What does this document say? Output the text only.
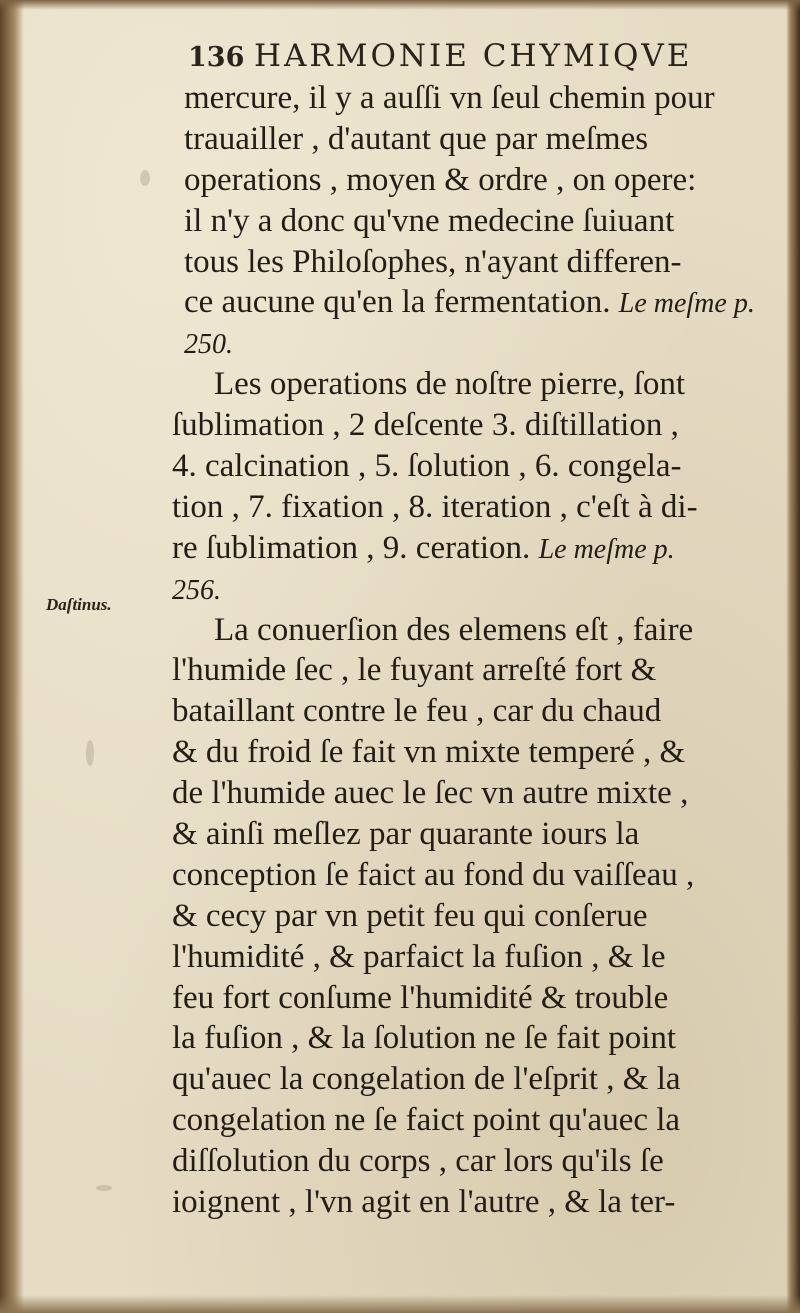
136 HARMONIE CHYMIQVE
Daſtinus.
mercure, il y a auſſi vn ſeul chemin pour
trauailler , d'autant que par meſmes
operations , moyen & ordre , on opere:
il n'y a donc qu'vne medecine ſuiuant
tous les Philoſophes, n'ayant differen-
ce aucune qu'en la fermentation. Le meſme p.
250.
Les operations de noſtre pierre, ſont
ſublimation , 2 deſcente 3. diſtillation ,
4. calcination , 5. ſolution , 6. congela-
tion , 7. fixation , 8. iteration , c'eſt à di-
re ſublimation , 9. ceration. Le meſme p.
256.
La conuerſion des elemens eſt , faire
l'humide ſec , le fuyant arreſté fort &
bataillant contre le feu , car du chaud
& du froid ſe fait vn mixte temperé , &
de l'humide auec le ſec vn autre mixte ,
& ainſi meſlez par quarante iours la
conception ſe faict au fond du vaiſſeau ,
& cecy par vn petit feu qui conſerue
l'humidité , & parfaict la fuſion , & le
feu fort conſume l'humidité & trouble
la fuſion , & la ſolution ne ſe fait point
qu'auec la congelation de l'eſprit , & la
congelation ne ſe faict point qu'auec la
diſſolution du corps , car lors qu'ils ſe
ioignent , l'vn agit en l'autre , & la ter-
